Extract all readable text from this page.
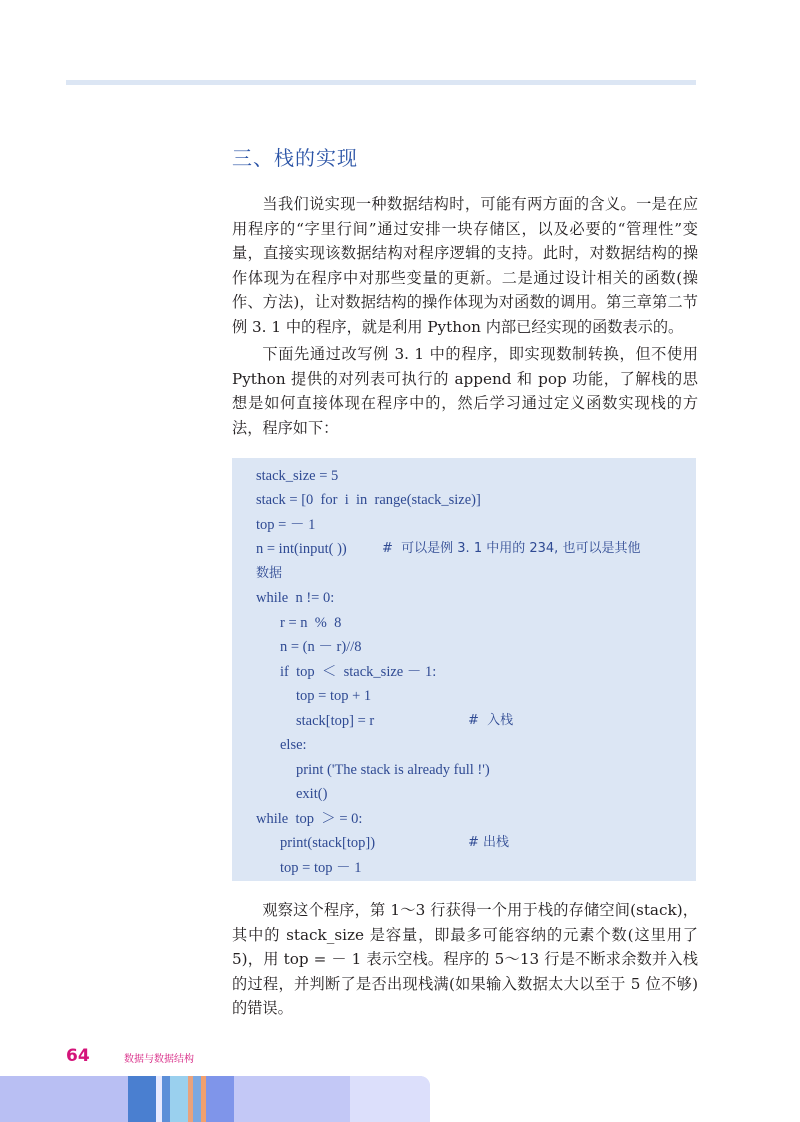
三、栈的实现

当我们说实现一种数据结构时，可能有两方面的含义。一是在应用程序的“字里行间”通过安排一块存储区，以及必要的“管理性”变量，直接实现该数据结构对程序逻辑的支持。此时，对数据结构的操作体现为在程序中对那些变量的更新。二是通过设计相关的函数(操作、方法)，让对数据结构的操作体现为对函数的调用。第三章第二节例 3. 1 中的程序，就是利用 Python 内部已经实现的函数表示的。

下面先通过改写例 3. 1 中的程序，即实现数制转换，但不使用 Python 提供的对列表可执行的 append 和 pop 功能，了解栈的思想是如何直接体现在程序中的，然后学习通过定义函数实现栈的方法，程序如下：

stack_size = 5
stack = [0  for  i  in  range(stack_size)]
top = － 1
n = int(input( ))	#  可以是例 3. 1 中用的 234, 也可以是其他
数据
while  n != 0:
r = n  %  8
n = (n － r)//8
if  top  ＜  stack_size － 1:
top = top + 1
stack[top] = r	#  入栈
else:
print ('The stack is already full !')
exit()
while  top  ＞ = 0:
print(stack[top])	# 出栈
top = top － 1

观察这个程序，第 1～3 行获得一个用于栈的存储空间(stack)，其中的 stack_size 是容量，即最多可能容纳的元素个数(这里用了 5)，用 top = － 1 表示空栈。程序的 5～13 行是不断求余数并入栈的过程，并判断了是否出现栈满(如果输入数据太大以至于 5 位不够)的错误。

64	数据与数据结构
